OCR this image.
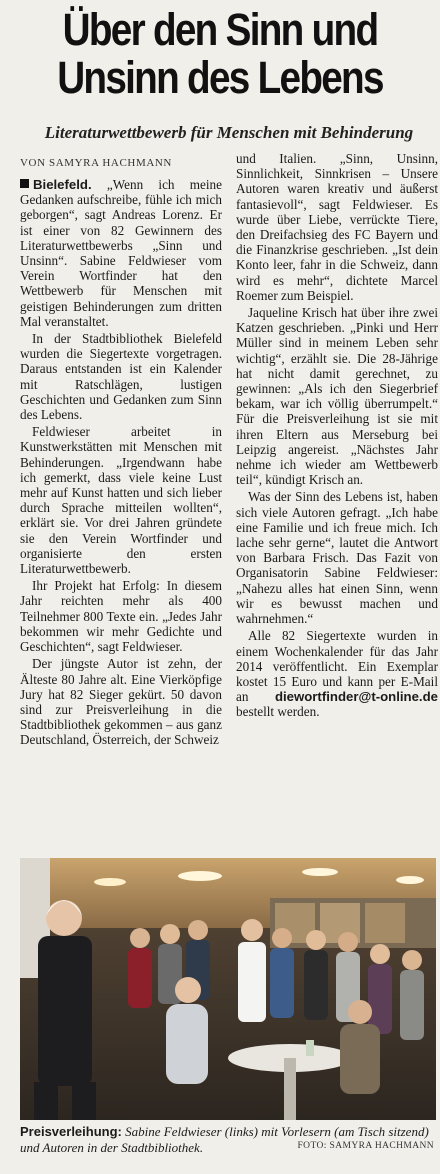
Über den Sinn und
Unsinn des Lebens
Literaturwettbewerb für Menschen mit Behinderung

Bielefeld. „Wenn ich meine Gedanken aufschreibe, fühle ich mich geborgen“, sagt Andreas Lorenz. Er ist einer von 82 Gewinnern des Literaturwettbewerbs „Sinn und Unsinn“. Sabine Feldwieser vom Verein Wortfinder hat den Wettbewerb für Menschen mit geistigen Behinderungen zum dritten Mal veranstaltet.

In der Stadtbibliothek Bielefeld wurden die Siegertexte vorgetragen. Daraus entstanden ist ein Kalender mit Ratschlägen, lustigen Geschichten und Gedanken zum Sinn des Lebens.

Feldwieser arbeitet in Kunstwerkstätten mit Menschen mit Behinderungen. „Irgendwann habe ich gemerkt, dass viele keine Lust mehr auf Kunst hatten und sich lieber durch Sprache mitteilen wollten“, erklärt sie. Vor drei Jahren gründete sie den Verein Wortfinder und organisierte den ersten Literaturwettbewerb.

Ihr Projekt hat Erfolg: In diesem Jahr reichten mehr als 400 Teilnehmer 800 Texte ein. „Jedes Jahr bekommen wir mehr Gedichte und Geschichten“, sagt Feldwieser.

Der jüngste Autor ist zehn, der Älteste 80 Jahre alt. Eine Vierköpfige Jury hat 82 Sieger gekürt. 50 davon sind zur Preisverleihung in die Stadtbibliothek gekommen – aus ganz Deutschland, Österreich, der Schweiz

und Italien. „Sinn, Unsinn, Sinnlichkeit, Sinnkrisen – Unsere Autoren waren kreativ und äußerst fantasievoll“, sagt Feldwieser. Es wurde über Liebe, verrückte Tiere, den Dreifachsieg des FC Bayern und die Finanzkrise geschrieben. „Ist dein Konto leer, fahr in die Schweiz, dann wird es mehr“, dichtete Marcel Roemer zum Beispiel.

Jaqueline Krisch hat über ihre zwei Katzen geschrieben. „Pinki und Herr Müller sind in meinem Leben sehr wichtig“, erzählt sie. Die 28-Jährige hat nicht damit gerechnet, zu gewinnen: „Als ich den Siegerbrief bekam, war ich völlig überrumpelt.“ Für die Preisverleihung ist sie mit ihren Eltern aus Merseburg bei Leipzig angereist. „Nächstes Jahr nehme ich wieder am Wettbewerb teil“, kündigt Krisch an.

Was der Sinn des Lebens ist, haben sich viele Autoren gefragt. „Ich habe eine Familie und ich freue mich. Ich lache sehr gerne“, lautet die Antwort von Barbara Frisch. Das Fazit von Organisatorin Sabine Feldwieser: „Nahezu alles hat einen Sinn, wenn wir es bewusst machen und wahrnehmen.“

Alle 82 Siegertexte wurden in einem Wochenkalender für das Jahr 2014 veröffentlicht. Ein Exemplar kostet 15 Euro und kann per E-Mail an diewortfinder@t-online.de bestellt werden.

VON SAMYRA HACHMANN
Preisverleihung: Sabine Feldwieser (links) mit Vorlesern (am Tisch sitzend) und Autoren in der Stadtbibliothek.	FOTO: SAMYRA HACHMANN
